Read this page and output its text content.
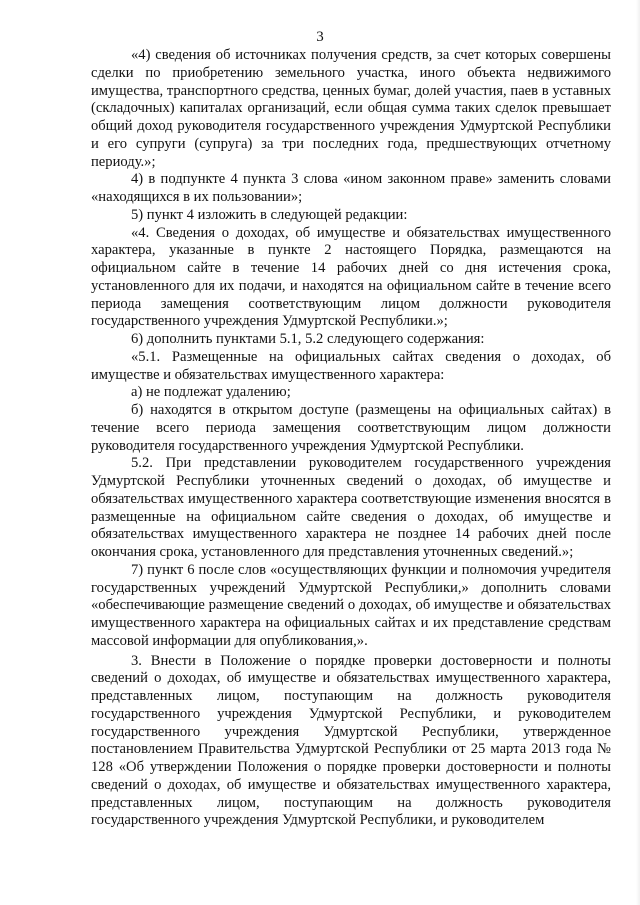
3

«4) сведения об источниках получения средств, за счет которых совершены сделки по приобретению земельного участка, иного объекта недвижимого имущества, транспортного средства, ценных бумаг, долей участия, паев в уставных (складочных) капиталах организаций, если общая сумма таких сделок превышает общий доход руководителя государственного учреждения Удмуртской Республики и его супруги (супруга) за три последних года, предшествующих отчетному периоду.»;

4) в подпункте 4 пункта 3 слова «ином законном праве» заменить словами «находящихся в их пользовании»;

5) пункт 4 изложить в следующей редакции:

«4. Сведения о доходах, об имуществе и обязательствах имущественного характера, указанные в пункте 2 настоящего Порядка, размещаются на официальном сайте в течение 14 рабочих дней со дня истечения срока, установленного для их подачи, и находятся на официальном сайте в течение всего периода замещения соответствующим лицом должности руководителя государственного учреждения Удмуртской Республики.»;

6) дополнить пунктами 5.1, 5.2 следующего содержания:

«5.1. Размещенные на официальных сайтах сведения о доходах, об имуществе и обязательствах имущественного характера:

а) не подлежат удалению;

б) находятся в открытом доступе (размещены на официальных сайтах) в течение всего периода замещения соответствующим лицом должности руководителя государственного учреждения Удмуртской Республики.

5.2. При представлении руководителем государственного учреждения Удмуртской Республики уточненных сведений о доходах, об имуществе и обязательствах имущественного характера соответствующие изменения вносятся в размещенные на официальном сайте сведения о доходах, об имуществе и обязательствах имущественного характера не позднее 14 рабочих дней после окончания срока, установленного для представления уточненных сведений.»;

7) пункт 6 после слов «осуществляющих функции и полномочия учредителя государственных учреждений Удмуртской Республики,» дополнить словами «обеспечивающие размещение сведений о доходах, об имуществе и обязательствах имущественного характера на официальных сайтах и их представление средствам массовой информации для опубликования,».

3. Внести в Положение о порядке проверки достоверности и полноты сведений о доходах, об имуществе и обязательствах имущественного характера, представленных лицом, поступающим на должность руководителя государственного учреждения Удмуртской Республики, и руководителем государственного учреждения Удмуртской Республики, утвержденное постановлением Правительства Удмуртской Республики от 25 марта 2013 года № 128 «Об утверждении Положения о порядке проверки достоверности и полноты сведений о доходах, об имуществе и обязательствах имущественного характера, представленных лицом, поступающим на должность руководителя государственного учреждения Удмуртской Республики, и руководителем
